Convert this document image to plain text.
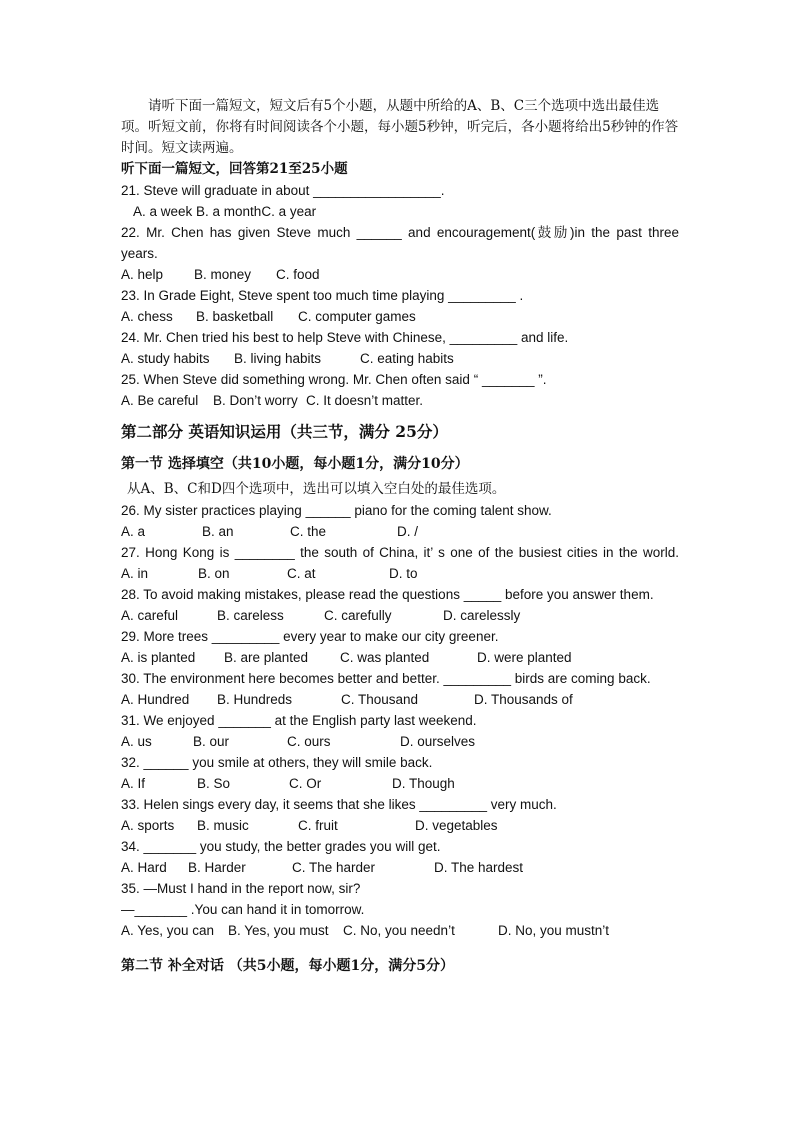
请听下面一篇短文，短文后有5个小题，从题中所给的A、B、C三个选项中选出最佳选项。听短文前，你将有时间阅读各个小题，每小题5秒钟，听完后，各小题将给出5秒钟的作答时间。短文读两遍。
听下面一篇短文，回答第21至25小题
21. Steve will graduate in about _________________.
A. a week B. a monthC. a year
22. Mr. Chen has given Steve much ______ and encouragement(鼓励)in the past three years.
A. help	B. money	C. food
23. In Grade Eight, Steve spent too much time playing _________ .
A. chess	B. basketball	C. computer games
24. Mr. Chen tried his best to help Steve with Chinese, _________ and life.
A. study habits	B. living habits	C. eating habits
25. When Steve did something wrong. Mr. Chen often said “ _______ ”.
A. Be careful	B. Don’t worry C. It doesn’t matter.
第二部分 英语知识运用（共三节，满分 25分）
第一节 选择填空（共10小题，每小题1分，满分10分）
从A、B、C和D四个选项中，选出可以填入空白处的最佳选项。
26. My sister practices playing ______ piano for the coming talent show.
A. a	B. an	C. the	D. /
27. Hong Kong is ________ the south of China, it’ s one of the busiest cities in the world.
A. in	B. on	C. at	D. to
28. To avoid making mistakes, please read the questions _____ before you answer them.
A. careful	B. careless	C. carefully	D. carelessly
29. More trees _________ every year to make our city greener.
A. is planted	B. are planted	C. was planted	D. were planted
30. The environment here becomes better and better. _________ birds are coming back.
A. Hundred	B. Hundreds	C. Thousand	D. Thousands of
31. We enjoyed _______ at the English party last weekend.
A. us	B. our	C. ours	D. ourselves
32. ______ you smile at others, they will smile back.
A. If	B. So	C. Or	D. Though
33. Helen sings every day, it seems that she likes _________ very much.
A. sports	B. music	C. fruit	D. vegetables
34. _______ you study, the better grades you will get.
A. Hard	B. Harder	C. The harder	D. The hardest
35. —Must I hand in the report now, sir?
—_______ .You can hand it in tomorrow.
A. Yes, you can	B. Yes, you must	C. No, you needn’t	D. No, you mustn’t
第二节 补全对话 （共5小题，每小题1分，满分5分）
